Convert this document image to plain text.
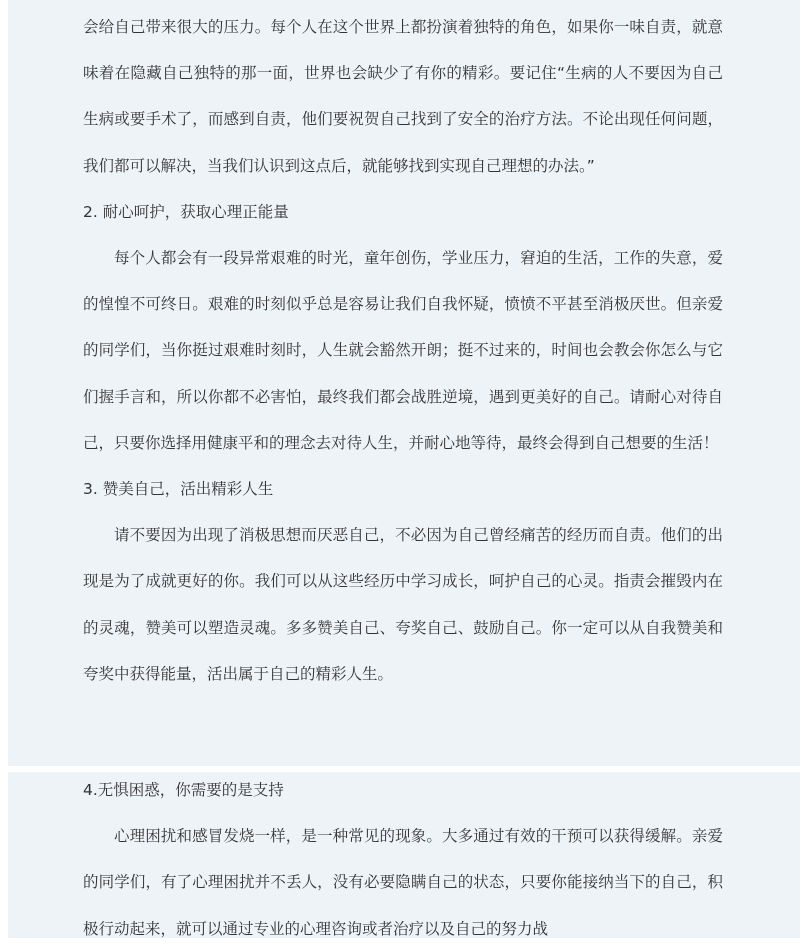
会给自己带来很大的压力。每个人在这个世界上都扮演着独特的角色，如果你一味自责，就意味着在隐藏自己独特的那一面，世界也会缺少了有你的精彩。要记住“生病的人不要因为自己生病或要手术了，而感到自责，他们要祝贺自己找到了安全的治疗方法。不论出现任何问题，我们都可以解决，当我们认识到这点后，就能够找到实现自己理想的办法。”

2. 耐心呵护，获取心理正能量

每个人都会有一段异常艰难的时光，童年创伤，学业压力，窘迫的生活，工作的失意，爱的惶惶不可终日。艰难的时刻似乎总是容易让我们自我怀疑，愤愤不平甚至消极厌世。但亲爱的同学们，当你挺过艰难时刻时，人生就会豁然开朗；挺不过来的，时间也会教会你怎么与它们握手言和，所以你都不必害怕，最终我们都会战胜逆境，遇到更美好的自己。请耐心对待自己，只要你选择用健康平和的理念去对待人生，并耐心地等待，最终会得到自己想要的生活！

3. 赞美自己，活出精彩人生

请不要因为出现了消极思想而厌恶自己，不必因为自己曾经痛苦的经历而自责。他们的出现是为了成就更好的你。我们可以从这些经历中学习成长，呵护自己的心灵。指责会摧毁内在的灵魂，赞美可以塑造灵魂。多多赞美自己、夸奖自己、鼓励自己。你一定可以从自我赞美和夸奖中获得能量，活出属于自己的精彩人生。

4.无惧困惑，你需要的是支持

心理困扰和感冒发烧一样，是一种常见的现象。大多通过有效的干预可以获得缓解。亲爱的同学们，有了心理困扰并不丢人，没有必要隐瞒自己的状态，只要你能接纳当下的自己，积极行动起来，就可以通过专业的心理咨询或者治疗以及自己的努力战
